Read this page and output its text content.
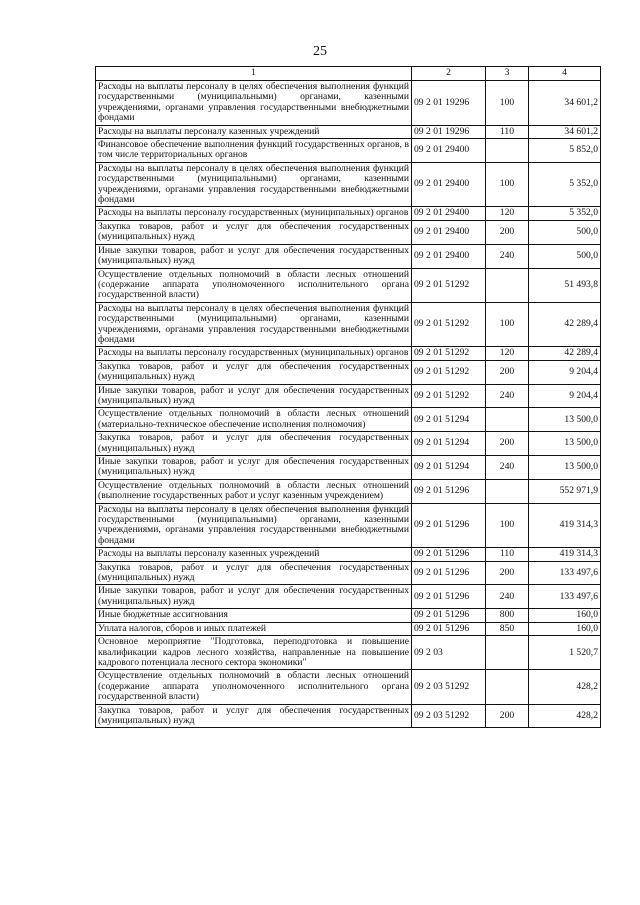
25
1	2	3	4
Расходы на выплаты персоналу в целях обеспечения выполнения функций государственными (муниципальными) органами, казенными учреждениями, органами управления государственными внебюджетными фондами	09 2 01 19296	100	34 601,2
Расходы на выплаты персоналу казенных учреждений	09 2 01 19296	110	34 601,2
Финансовое обеспечение выполнения функций государственных органов, в том числе территориальных органов	09 2 01 29400		5 852,0
Расходы на выплаты персоналу в целях обеспечения выполнения функций государственными (муниципальными) органами, казенными учреждениями, органами управления государственными внебюджетными фондами	09 2 01 29400	100	5 352,0
Расходы на выплаты персоналу государственных (муниципальных) органов	09 2 01 29400	120	5 352,0
Закупка товаров, работ и услуг для обеспечения государственных (муниципальных) нужд	09 2 01 29400	200	500,0
Иные закупки товаров, работ и услуг для обеспечения государственных (муниципальных) нужд	09 2 01 29400	240	500,0
Осуществление отдельных полномочий в области лесных отношений (содержание аппарата уполномоченного исполнительного органа государственной власти)	09 2 01 51292		51 493,8
Расходы на выплаты персоналу в целях обеспечения выполнения функций государственными (муниципальными) органами, казенными учреждениями, органами управления государственными внебюджетными фондами	09 2 01 51292	100	42 289,4
Расходы на выплаты персоналу государственных (муниципальных) органов	09 2 01 51292	120	42 289,4
Закупка товаров, работ и услуг для обеспечения государственных (муниципальных) нужд	09 2 01 51292	200	9 204,4
Иные закупки товаров, работ и услуг для обеспечения государственных (муниципальных) нужд	09 2 01 51292	240	9 204,4
Осуществление отдельных полномочий в области лесных отношений (материально-техническое обеспечение исполнения полномочия)	09 2 01 51294		13 500,0
Закупка товаров, работ и услуг для обеспечения государственных (муниципальных) нужд	09 2 01 51294	200	13 500,0
Иные закупки товаров, работ и услуг для обеспечения государственных (муниципальных) нужд	09 2 01 51294	240	13 500,0
Осуществление отдельных полномочий в области лесных отношений (выполнение государственных работ и услуг казенным учреждением)	09 2 01 51296		552 971,9
Расходы на выплаты персоналу в целях обеспечения выполнения функций государственными (муниципальными) органами, казенными учреждениями, органами управления государственными внебюджетными фондами	09 2 01 51296	100	419 314,3
Расходы на выплаты персоналу казенных учреждений	09 2 01 51296	110	419 314,3
Закупка товаров, работ и услуг для обеспечения государственных (муниципальных) нужд	09 2 01 51296	200	133 497,6
Иные закупки товаров, работ и услуг для обеспечения государственных (муниципальных) нужд	09 2 01 51296	240	133 497,6
Иные бюджетные ассигнования	09 2 01 51296	800	160,0
Уплата налогов, сборов и иных платежей	09 2 01 51296	850	160,0
Основное мероприятие "Подготовка, переподготовка и повышение квалификации кадров лесного хозяйства, направленные на повышение кадрового потенциала лесного сектора экономики"	09 2 03		1 520,7
Осуществление отдельных полномочий в области лесных отношений (содержание аппарата уполномоченного исполнительного органа государственной власти)	09 2 03 51292		428,2
Закупка товаров, работ и услуг для обеспечения государственных (муниципальных) нужд	09 2 03 51292	200	428,2
